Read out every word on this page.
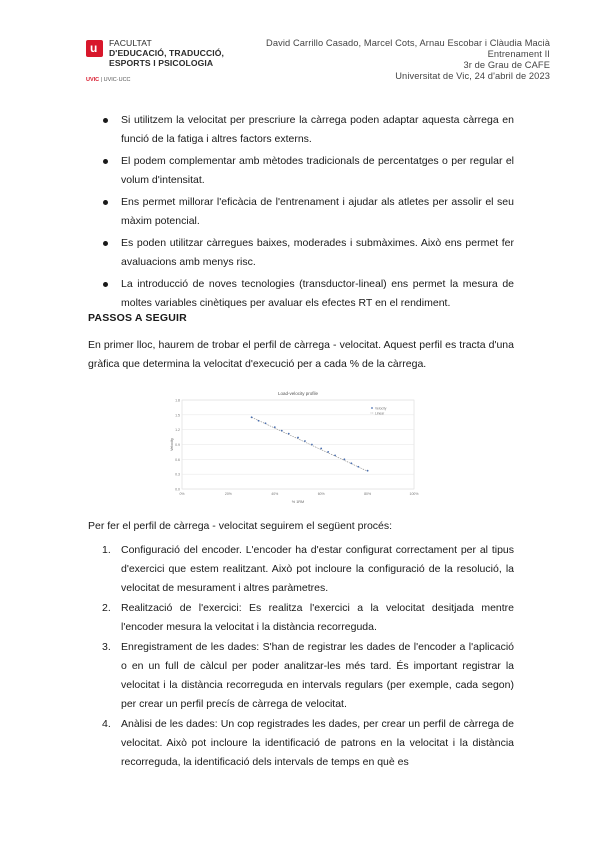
u FACULTAT
D'EDUCACIÓ, TRADUCCIÓ,
ESPORTS I PSICOLOGIA
UVIC | UVIC·UCC
David Carrillo Casado, Marcel Cots, Arnau Escobar i Clàudia Macià
Entrenament II
3r de Grau de CAFE
Universitat de Vic, 24 d'abril de 2023
Si utilitzem la velocitat per prescriure la càrrega poden adaptar aquesta càrrega en funció de la fatiga i altres factors externs.
El podem complementar amb mètodes tradicionals de percentatges o per regular el volum d'intensitat.
Ens permet millorar l'eficàcia de l'entrenament i ajudar als atletes per assolir el seu màxim potencial.
Es poden utilitzar càrregues baixes, moderades i submàximes. Això ens permet fer avaluacions amb menys risc.
La introducció de noves tecnologies (transductor-lineal) ens permet la mesura de moltes variables cinètiques per avaluar els efectes RT en el rendiment.
PASSOS A SEGUIR
En primer lloc, haurem de trobar el perfil de càrrega - velocitat. Aquest perfil es tracta d'una gràfica que determina la velocitat d'execució per a cada % de la càrrega.
0.0
0.3
0.6
0.9
1.2
1.5
1.8
0%	20%	40%	60%	80%	100%
Load-velocity profile
% 1RM
Velocity
Velocity
Linear
Per fer el perfil de càrrega - velocitat seguirem el següent procés:
1. Configuració del encoder. L'encoder ha d'estar configurat correctament per al tipus d'exercici que estem realitzant. Això pot incloure la configuració de la resolució, la velocitat de mesurament i altres paràmetres.
2. Realització de l'exercici: Es realitza l'exercici a la velocitat desitjada mentre l'encoder mesura la velocitat i la distància recorreguda.
3. Enregistrament de les dades: S'han de registrar les dades de l'encoder a l'aplicació o en un full de càlcul per poder analitzar-les més tard. És important registrar la velocitat i la distància recorreguda en intervals regulars (per exemple, cada segon) per crear un perfil precís de càrrega de velocitat.
4. Anàlisi de les dades: Un cop registrades les dades, per crear un perfil de càrrega de velocitat. Això pot incloure la identificació de patrons en la velocitat i la distància recorreguda, la identificació dels intervals de temps en què es
